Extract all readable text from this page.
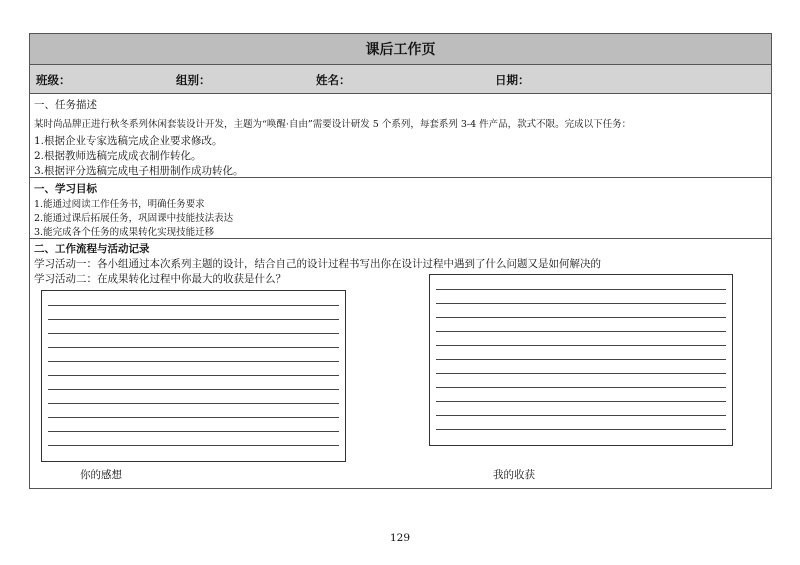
课后工作页
班级：	组别：	姓名：	日期：
一、任务描述
某时尚品牌正进行秋冬系列休闲套装设计开发，主题为“唤醒·自由”需要设计研发 5 个系列，每套系列 3-4 件产品，款式不限。完成以下任务：
1.根据企业专家选稿完成企业要求修改。
2.根据教师选稿完成成衣制作转化。
3.根据评分选稿完成电子相册制作成功转化。
一、学习目标
1.能通过阅读工作任务书，明确任务要求
2.能通过课后拓展任务，巩固课中技能技法表达
3.能完成各个任务的成果转化实现技能迁移
二、工作流程与活动记录
学习活动一：各小组通过本次系列主题的设计，结合自己的设计过程书写出你在设计过程中遇到了什么问题又是如何解决的
学习活动二：在成果转化过程中你最大的收获是什么？
你的感想	我的收获
129
